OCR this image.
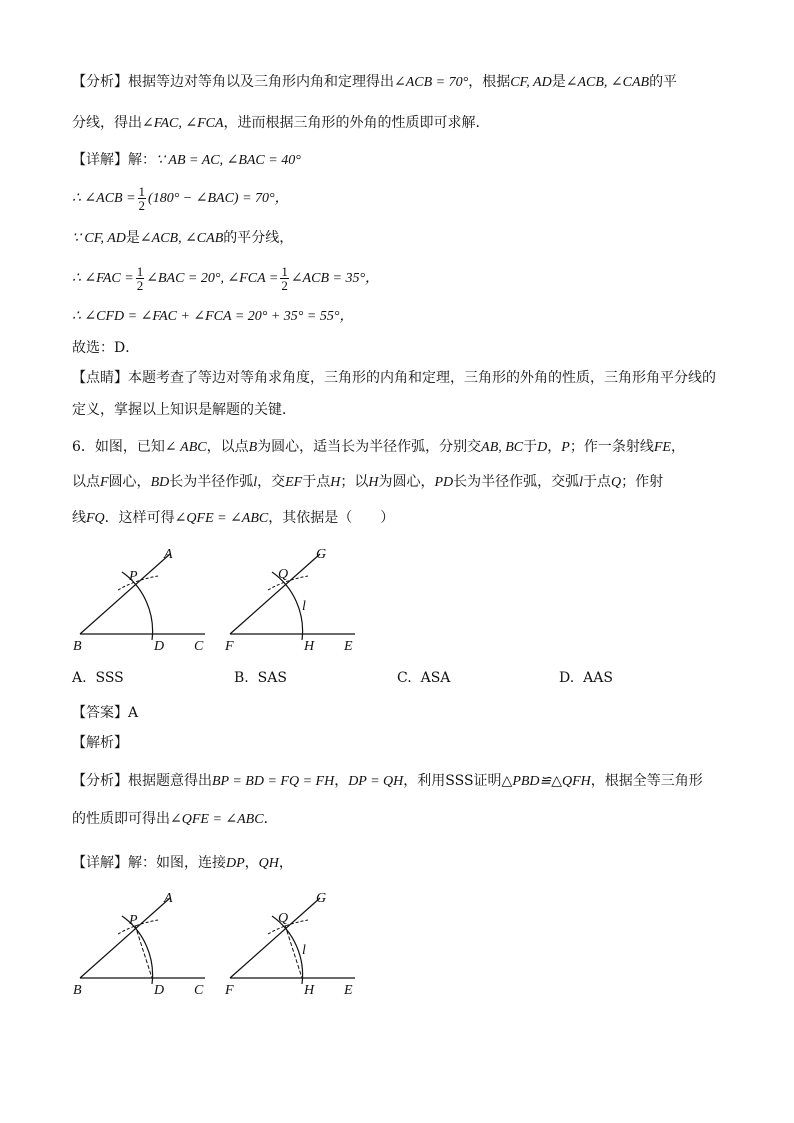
【分析】根据等边对等角以及三角形内角和定理得出∠ACB = 70°，根据CF, AD是∠ACB, ∠CAB的平
分线，得出∠FAC, ∠FCA，进而根据三角形的外角的性质即可求解．
【详解】解：∵ AB = AC, ∠BAC = 40°
∴ ∠ACB = $\frac{1}{2} (180^\circ$ − ∠BAC) = 70°，
∵ CF, AD是∠ACB, ∠CAB的平分线，
∴ ∠FAC = $\frac{1}{2}$ ∠BAC = 20°, ∠FCA = $\frac{1}{2}$ ∠ACB = 35°，
∴ ∠CFD = ∠FAC + ∠FCA = 20° + 35° = 55°，
故选：D．
【点睛】本题考查了等边对等角求角度，三角形的内角和定理，三角形的外角的性质，三角形角平分线的
定义，掌握以上知识是解题的关键．
6．如图，已知∠ ABC，以点B为圆心，适当长为半径作弧，分别交AB, BC于D，P；作一条射线FE，
以点F圆心，BD长为半径作弧l，交EF于点H；以H为圆心，PD长为半径作弧，交弧l于点Q；作射
线FQ．这样可得∠QFE = ∠ABC，其依据是（　　）
A
P
B	D C
G
Q
l
F	H E
A. SSS	B. SAS	C. ASA	D. AAS
【答案】A
【解析】
【分析】根据题意得出BP = BD = FQ = FH，DP = QH，利用SSS证明△PBD≌△QFH，根据全等三角形
的性质即可得出∠QFE = ∠ABC．
【详解】解：如图，连接DP，QH，
A
P
B	D C
G
Q
l
F	H E
